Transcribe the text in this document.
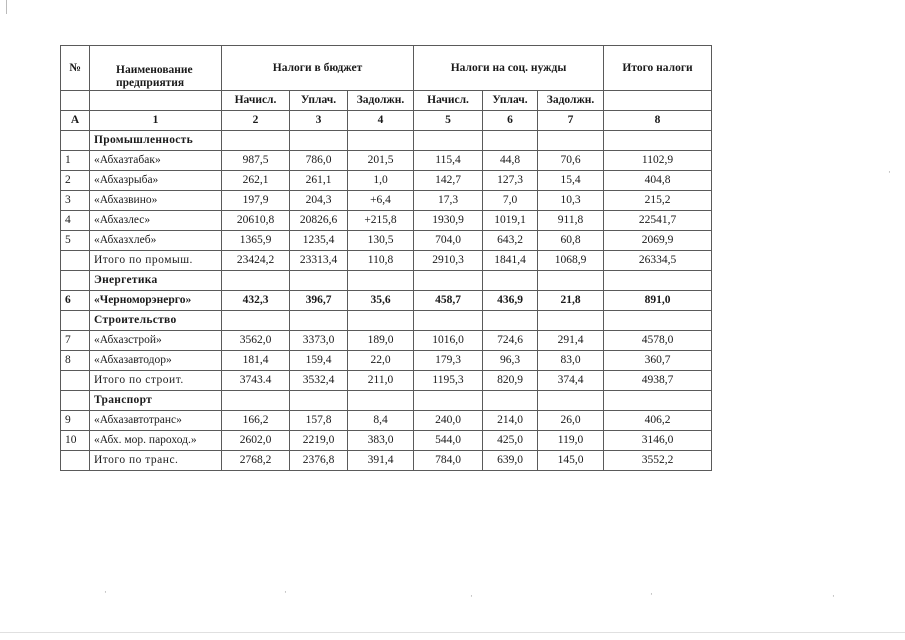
№	Наименование предприятия	Налоги в бюджет			Налоги на соц. нужды			Итого налоги
		Начисл.	Уплач.	Задолжн.	Начисл.	Уплач.	Задолжн.	
А	1	2	3	4	5	6	7	8
	Промышленность							
1	«Абхазтабак»	987,5	786,0	201,5	115,4	44,8	70,6	1102,9
2	«Абхазрыба»	262,1	261,1	1,0	142,7	127,3	15,4	404,8
3	«Абхазвино»	197,9	204,3	+6,4	17,3	7,0	10,3	215,2
4	«Абхазлес»	20610,8	20826,6	+215,8	1930,9	1019,1	911,8	22541,7
5	«Абхазхлеб»	1365,9	1235,4	130,5	704,0	643,2	60,8	2069,9
	Итого по промыш.	23424,2	23313,4	110,8	2910,3	1841,4	1068,9	26334,5
	Энергетика							
6	«Черноморэнерго»	432,3	396,7	35,6	458,7	436,9	21,8	891,0
	Строительство							
7	«Абхазстрой»	3562,0	3373,0	189,0	1016,0	724,6	291,4	4578,0
8	«Абхазавтодор»	181,4	159,4	22,0	179,3	96,3	83,0	360,7
	Итого по строит.	3743.4	3532,4	211,0	1195,3	820,9	374,4	4938,7
	Транспорт							
9	«Абхазавтотранс»	166,2	157,8	8,4	240,0	214,0	26,0	406,2
10	«Абх. мор. пароход.»	2602,0	2219,0	383,0	544,0	425,0	119,0	3146,0
	Итого по транс.	2768,2	2376,8	391,4	784,0	639,0	145,0	3552,2
·
·	·	·	·	·
